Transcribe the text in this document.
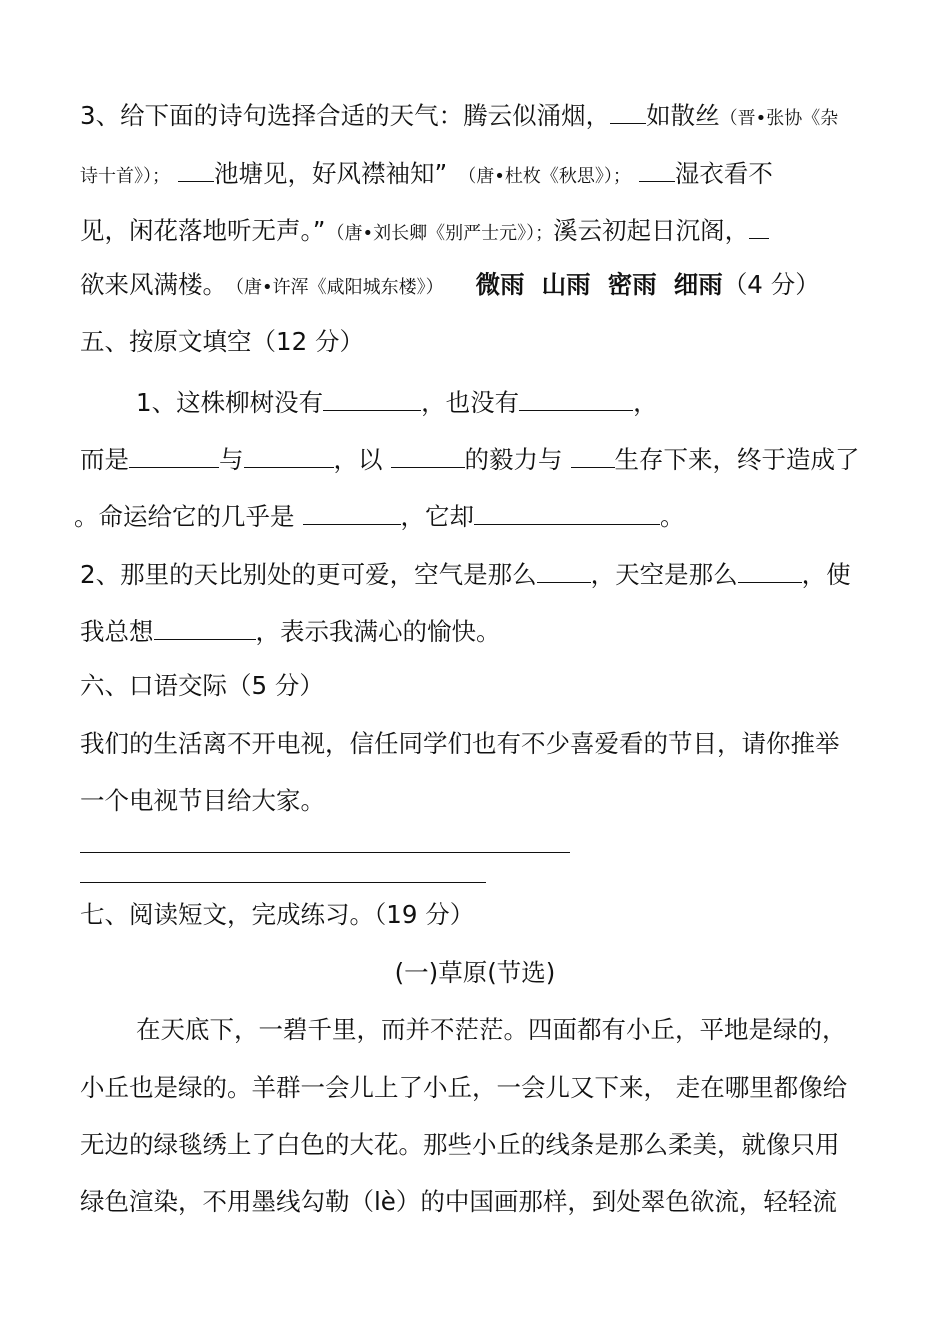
3、给下面的诗句选择合适的天气：腾云似涌烟， 如散丝（晋•张协《杂
诗十首》）； 池塘见，好风襟袖知” （唐•杜枚《秋思》）； 湿衣看不
见，闲花落地听无声。” （唐•刘长卿《别严士元》）；溪云初起日沉阁，
欲来风满楼。 （唐•许浑《咸阳城东楼》） 微雨  山雨  密雨  细雨（4 分）
五、按原文填空（12 分）
1、这株柳树没有	，也没有	，
而是	与	，以	的毅力与 生存下来，终于造成了
。命运给它的几乎是	，它却	。
2、那里的天比别处的更可爱，空气是那么 ，天空是那么	，使
我总想	，表示我满心的愉快。
六、口语交际（5 分）
我们的生活离不开电视，信任同学们也有不少喜爱看的节目，请你推举
一个电视节目给大家。
七、阅读短文，完成练习。（19 分）
(一)草原(节选)
在天底下，一碧千里，而并不茫茫。四面都有小丘，平地是绿的，
小丘也是绿的。羊群一会儿上了小丘，一会儿又下来， 走在哪里都像给
无边的绿毯绣上了白色的大花。那些小丘的线条是那么柔美，就像只用
绿色渲染，不用墨线勾勒（lè）的中国画那样，到处翠色欲流，轻轻流
